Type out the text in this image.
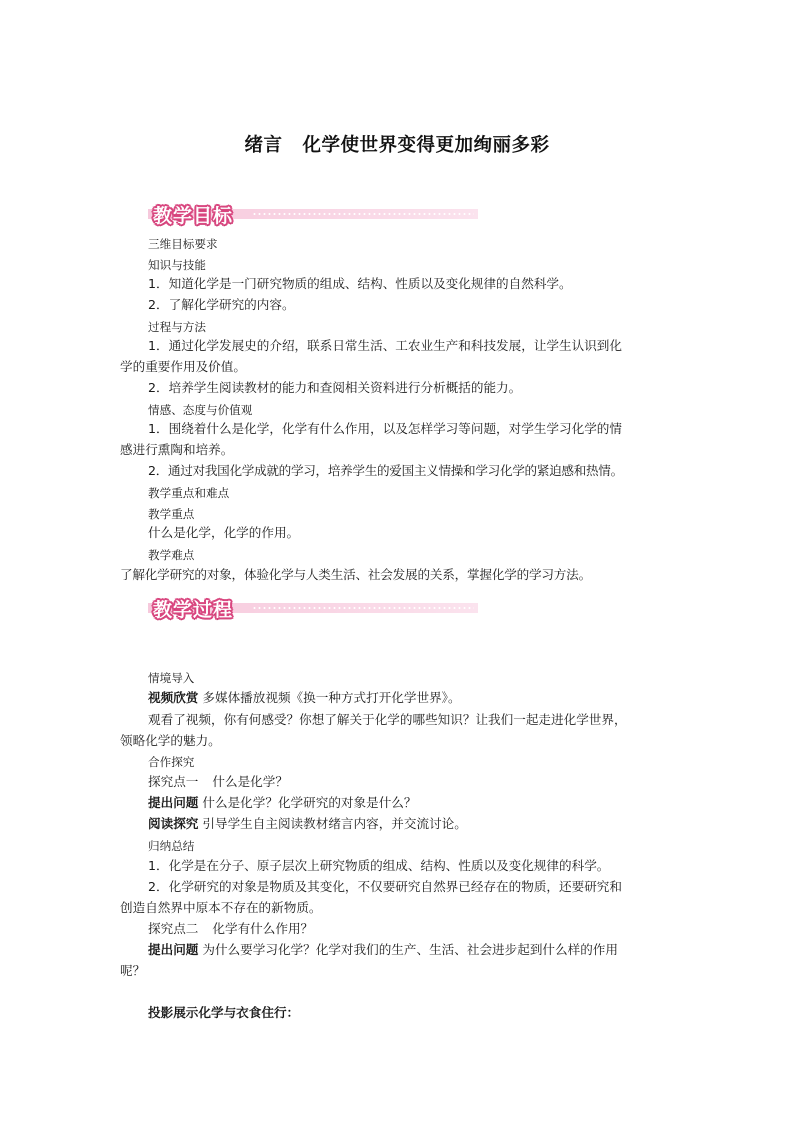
绪言 化学使世界变得更加绚丽多彩
教学目标
三维目标要求
知识与技能
1．知道化学是一门研究物质的组成、结构、性质以及变化规律的自然科学。
2．了解化学研究的内容。
过程与方法
1．通过化学发展史的介绍，联系日常生活、工农业生产和科技发展，让学生认识到化
学的重要作用及价值。
2．培养学生阅读教材的能力和查阅相关资料进行分析概括的能力。
情感、态度与价值观
1．围绕着什么是化学，化学有什么作用，以及怎样学习等问题，对学生学习化学的情
感进行熏陶和培养。
2．通过对我国化学成就的学习，培养学生的爱国主义情操和学习化学的紧迫感和热情。
教学重点和难点
教学重点
什么是化学，化学的作用。
教学难点
了解化学研究的对象，体验化学与人类生活、社会发展的关系，掌握化学的学习方法。
教学过程
情境导入
视频欣赏 多媒体播放视频《换一种方式打开化学世界》。
观看了视频，你有何感受？你想了解关于化学的哪些知识？让我们一起走进化学世界，
领略化学的魅力。
合作探究
探究点一 什么是化学？
提出问题 什么是化学？化学研究的对象是什么？
阅读探究 引导学生自主阅读教材绪言内容，并交流讨论。
归纳总结
1．化学是在分子、原子层次上研究物质的组成、结构、性质以及变化规律的科学。
2．化学研究的对象是物质及其变化，不仅要研究自然界已经存在的物质，还要研究和
创造自然界中原本不存在的新物质。
探究点二 化学有什么作用？
提出问题 为什么要学习化学？化学对我们的生产、生活、社会进步起到什么样的作用
呢？
投影展示化学与衣食住行：
